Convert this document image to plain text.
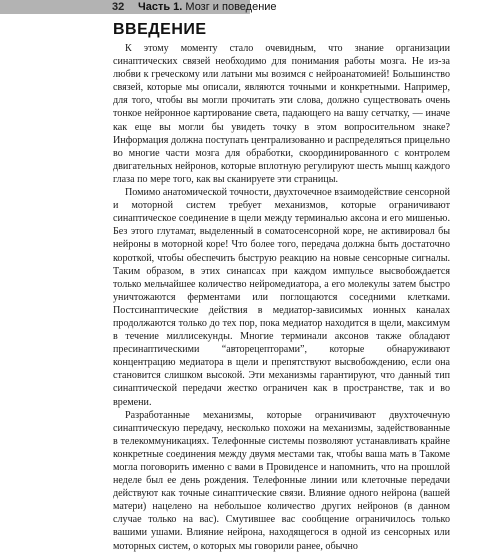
32 Часть 1. Мозг и поведение
ВВЕДЕНИЕ

К этому моменту стало очевидным, что знание организации синаптических связей необходимо для понимания работы мозга. Не из-за любви к греческому или латыни мы возимся с нейроанатомией! Большинство связей, которые мы описали, являются точными и конкретными. Например, для того, чтобы вы могли прочитать эти слова, должно существовать очень тонкое нейронное картирование света, падающего на вашу сетчатку, — иначе как еще вы могли бы увидеть точку в этом вопросительном знаке? Информация должна поступать централизованно и распределяться прицельно во многие части мозга для обработки, скоординированного с контролем двигательных нейронов, которые вплотную регулируют шесть мышц каждого глаза по мере того, как вы сканируете эти страницы.

Помимо анатомической точности, двухточечное взаимодействие сенсорной и моторной систем требует механизмов, которые ограничивают синаптическое соединение в щели между терминалью аксона и его мишенью. Без этого глутамат, выделенный в соматосенсорной коре, не активировал бы нейроны в моторной коре! Что более того, передача должна быть достаточно короткой, чтобы обеспечить быструю реакцию на новые сенсорные сигналы. Таким образом, в этих синапсах при каждом импульсе высвобождается только мельчайшее количество нейромедиатора, а его молекулы затем быстро уничтожаются ферментами или поглощаются соседними клетками. Постсинаптические действия в медиатор-зависимых ионных каналах продолжаются только до тех пор, пока медиатор находится в щели, максимум в течение миллисекунды. Многие терминали аксонов также обладают пресинаптическими “авторецепторами”, которые обнаруживают концентрацию медиатора в щели и препятствуют высвобождению, если она становится слишком высокой. Эти механизмы гарантируют, что данный тип синаптической передачи жестко ограничен как в пространстве, так и во времени.

Разработанные механизмы, которые ограничивают двухточечную синаптическую передачу, несколько похожи на механизмы, задействованные в телекоммуникациях. Телефонные системы позволяют устанавливать крайне конкретные соединения между двумя местами так, чтобы ваша мать в Такоме могла поговорить именно с вами в Провиденсе и напомнить, что на прошлой неделе был ее день рождения. Телефонные линии или клеточные передачи действуют как точные синаптические связи. Влияние одного нейрона (вашей матери) нацелено на небольшое количество других нейронов (в данном случае только на вас). Смутившее вас сообщение ограничилось только вашими ушами. Влияние нейрона, находящегося в одной из сенсорных или моторных систем, о которых мы говорили ранее, обычно
